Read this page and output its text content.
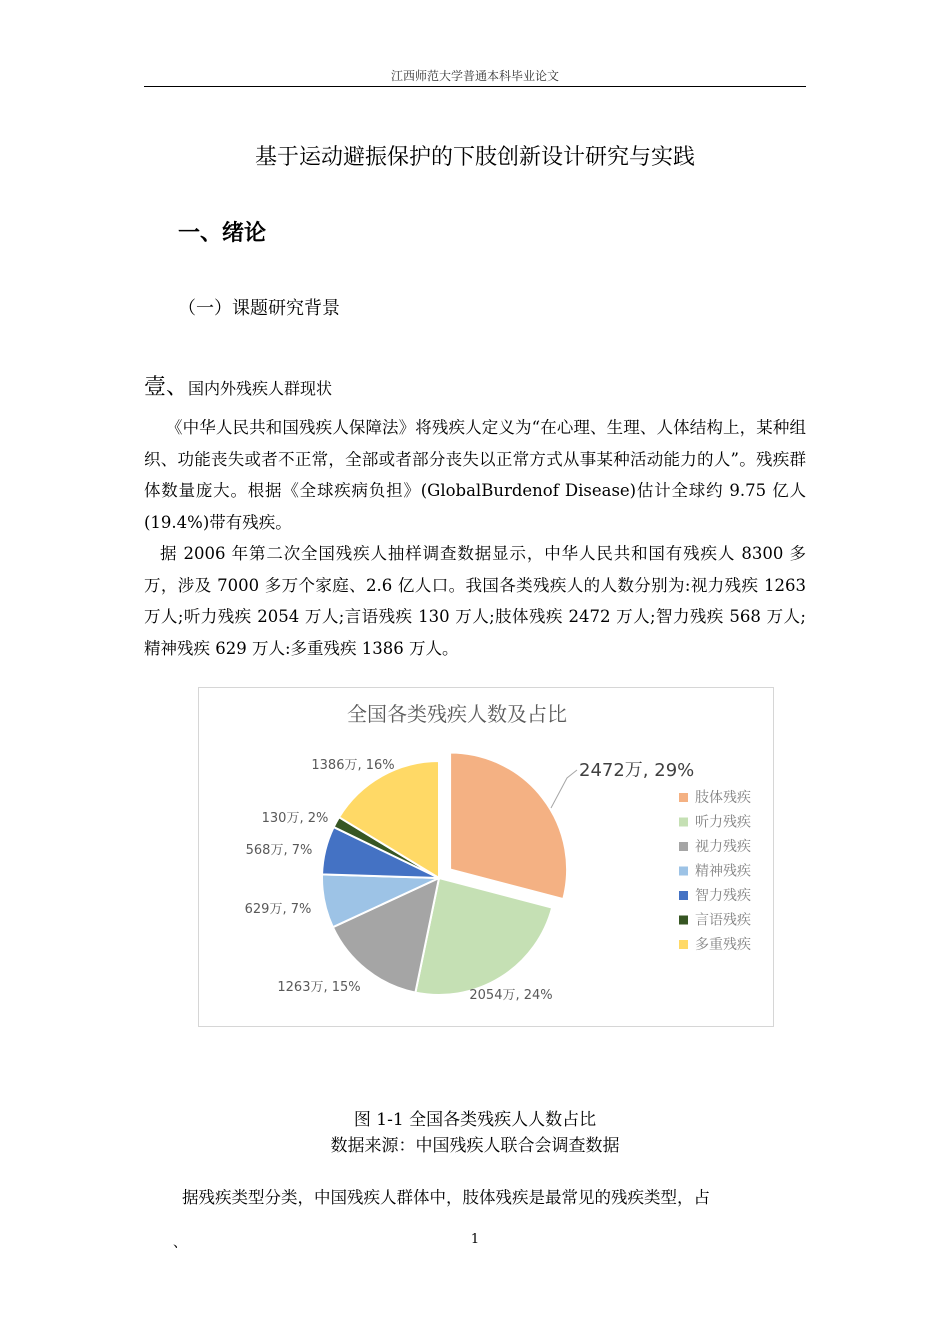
江西师范大学普通本科毕业论文
基于运动避振保护的下肢创新设计研究与实践
一、绪论
（一）课题研究背景
壹、国内外残疾人群现状
《中华人民共和国残疾人保障法》将残疾人定义为“在心理、生理、人体结构上，某种组织、功能丧失或者不正常，全部或者部分丧失以正常方式从事某种活动能力的人”。残疾群体数量庞大。根据《全球疾病负担》(GlobalBurdenof Disease)估计全球约 9.75 亿人(19.4%)带有残疾。
据 2006 年第二次全国残疾人抽样调查数据显示，中华人民共和国有残疾人 8300 多万，涉及 7000 多万个家庭、2.6 亿人口。我国各类残疾人的人数分别为:视力残疾 1263 万人;听力残疾 2054 万人;言语残疾 130 万人;肢体残疾 2472 万人;智力残疾 568 万人;精神残疾 629 万人:多重残疾 1386 万人。
全国各类残疾人数及占比
2472万, 29%
2054万, 24%
1263万, 15%
629万, 7%
568万, 7%
130万, 2%
1386万, 16%
肢体残疾
听力残疾
视力残疾
精神残疾
智力残疾
言语残疾
多重残疾
图 1-1 全国各类残疾人人数占比
数据来源：中国残疾人联合会调查数据
据残疾类型分类，中国残疾人群体中，肢体残疾是最常见的残疾类型，占
、	1
